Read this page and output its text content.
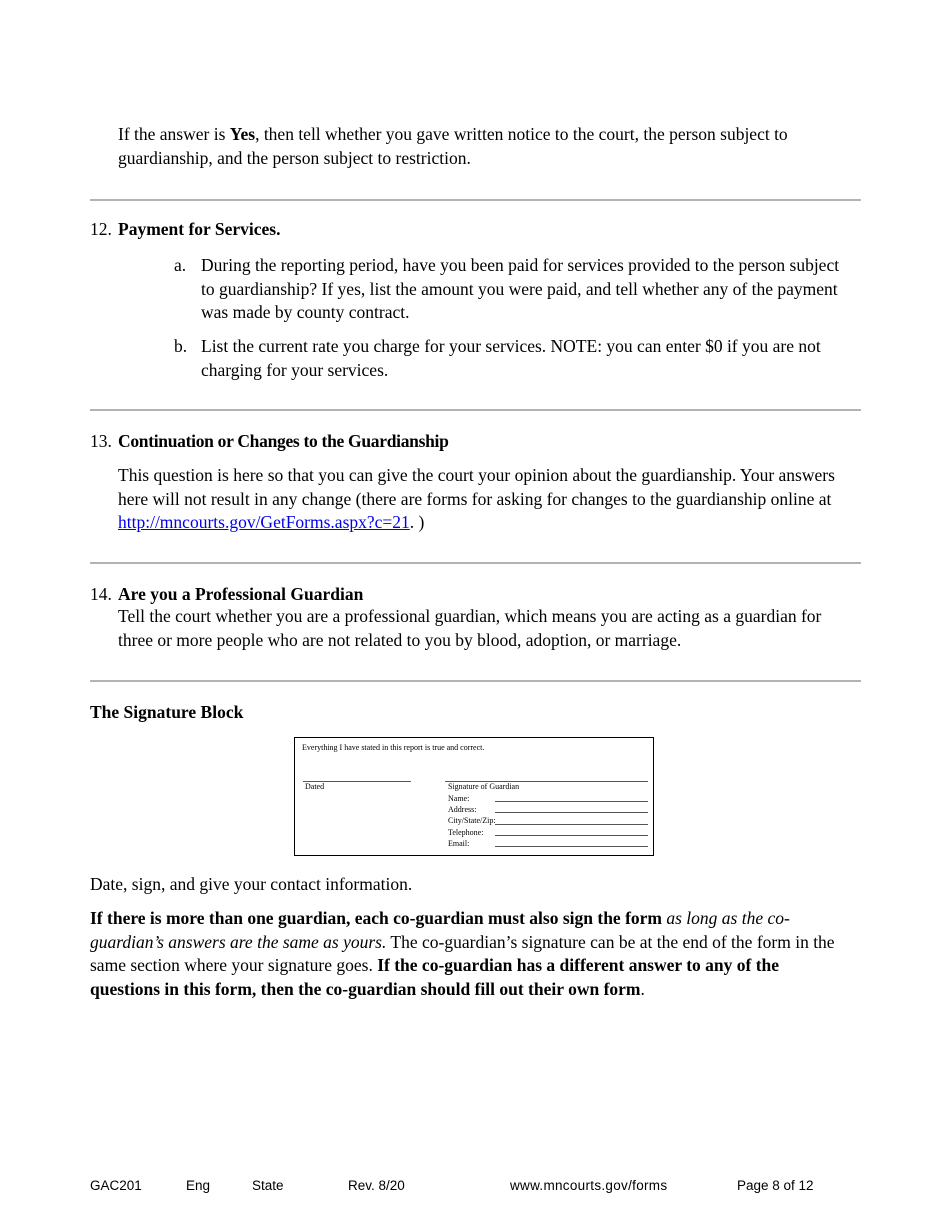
If the answer is Yes, then tell whether you gave written notice to the court, the person subject to guardianship, and the person subject to restriction.

12. Payment for Services.
a. During the reporting period, have you been paid for services provided to the person subject to guardianship? If yes, list the amount you were paid, and tell whether any of the payment was made by county contract.

b. List the current rate you charge for your services. NOTE: you can enter $0 if you are not charging for your services.

13. Continuation or Changes to the Guardianship

This question is here so that you can give the court your opinion about the guardianship. Your answers here will not result in any change (there are forms for asking for changes to the guardianship online at http://mncourts.gov/GetForms.aspx?c=21. )

14. Are you a Professional Guardian

Tell the court whether you are a professional guardian, which means you are acting as a guardian for three or more people who are not related to you by blood, adoption, or marriage.

The Signature Block
Everything I have stated in this report is true and correct.
Dated	Signature of Guardian
Name:
Address:
City/State/Zip:
Telephone:
Email:

Date, sign, and give your contact information.

If there is more than one guardian, each co-guardian must also sign the form as long as the co-guardian’s answers are the same as yours. The co-guardian’s signature can be at the end of the form in the same section where your signature goes. If the co-guardian has a different answer to any of the questions in this form, then the co-guardian should fill out their own form.

GAC201	Eng	State	Rev. 8/20	www.mncourts.gov/forms	Page 8 of 12
